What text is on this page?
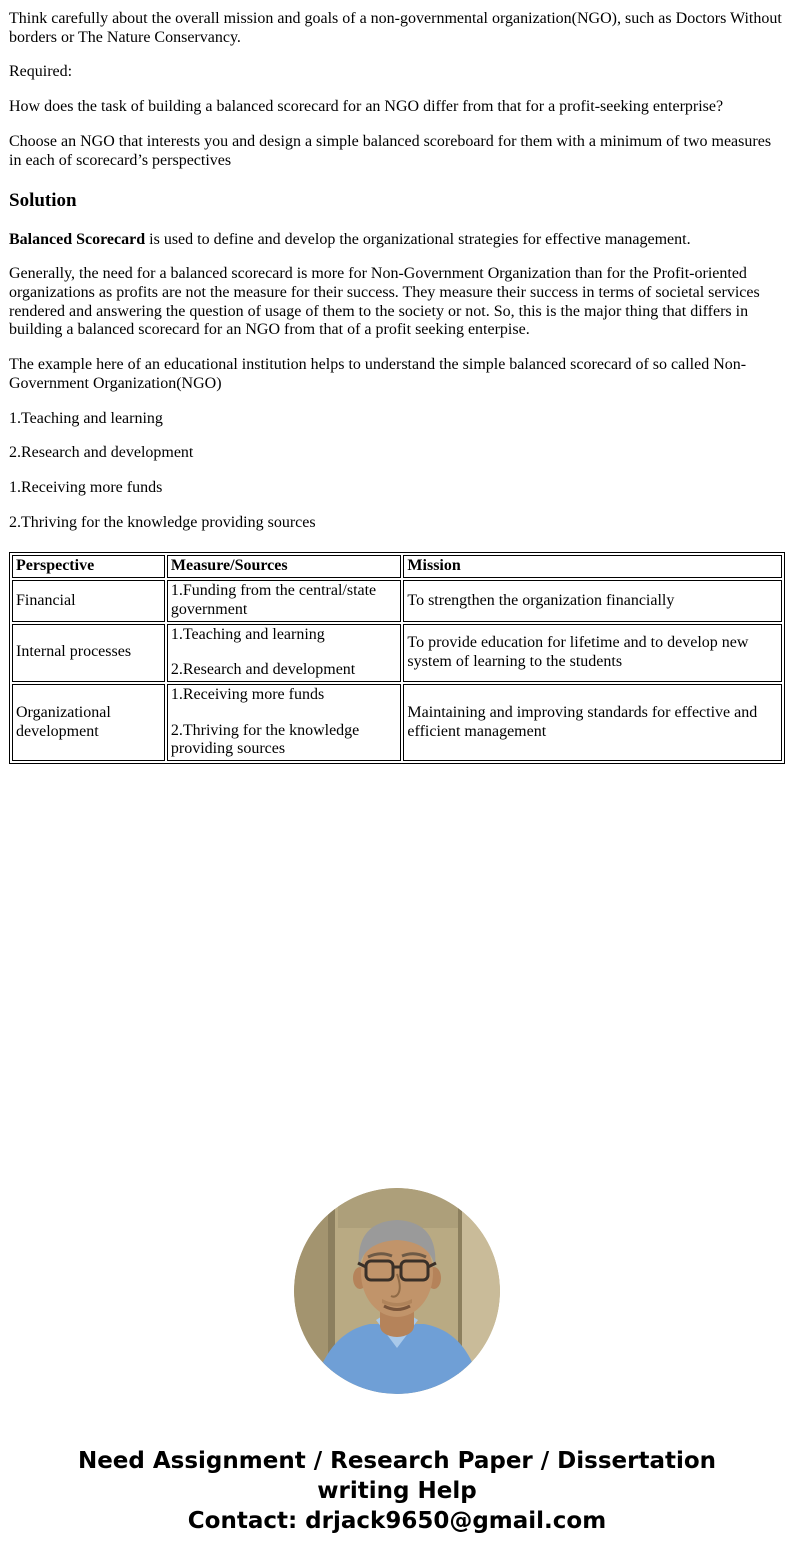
Think carefully about the overall mission and goals of a non-governmental organization(NGO), such as Doctors Without borders or The Nature Conservancy.

Required:

How does the task of building a balanced scorecard for an NGO differ from that for a profit-seeking enterprise?

Choose an NGO that interests you and design a simple balanced scoreboard for them with a minimum of two measures in each of scorecard’s perspectives

Solution

Balanced Scorecard is used to define and develop the organizational strategies for effective management.

Generally, the need for a balanced scorecard is more for Non-Government Organization than for the Profit-oriented organizations as profits are not the measure for their success. They measure their success in terms of societal services rendered and answering the question of usage of them to the society or not. So, this is the major thing that differs in building a balanced scorecard for an NGO from that of a profit seeking enterpise.

The example here of an educational institution helps to understand the simple balanced scorecard of so called Non-Government Organization(NGO)

1.Teaching and learning

2.Research and development

1.Receiving more funds

2.Thriving for the knowledge providing sources

Perspective	Measure/Sources	Mission
Financial	1.Funding from the central/state government	To strengthen the organization financially
Internal processes	1.Teaching and learning

2.Research and development	To provide education for lifetime and to develop new system of learning to the students
Organizational development	1.Receiving more funds

2.Thriving for the knowledge providing sources	Maintaining and improving standards for effective and efficient management
Need Assignment / Research Paper / Dissertation
writing Help
Contact: drjack9650@gmail.com
